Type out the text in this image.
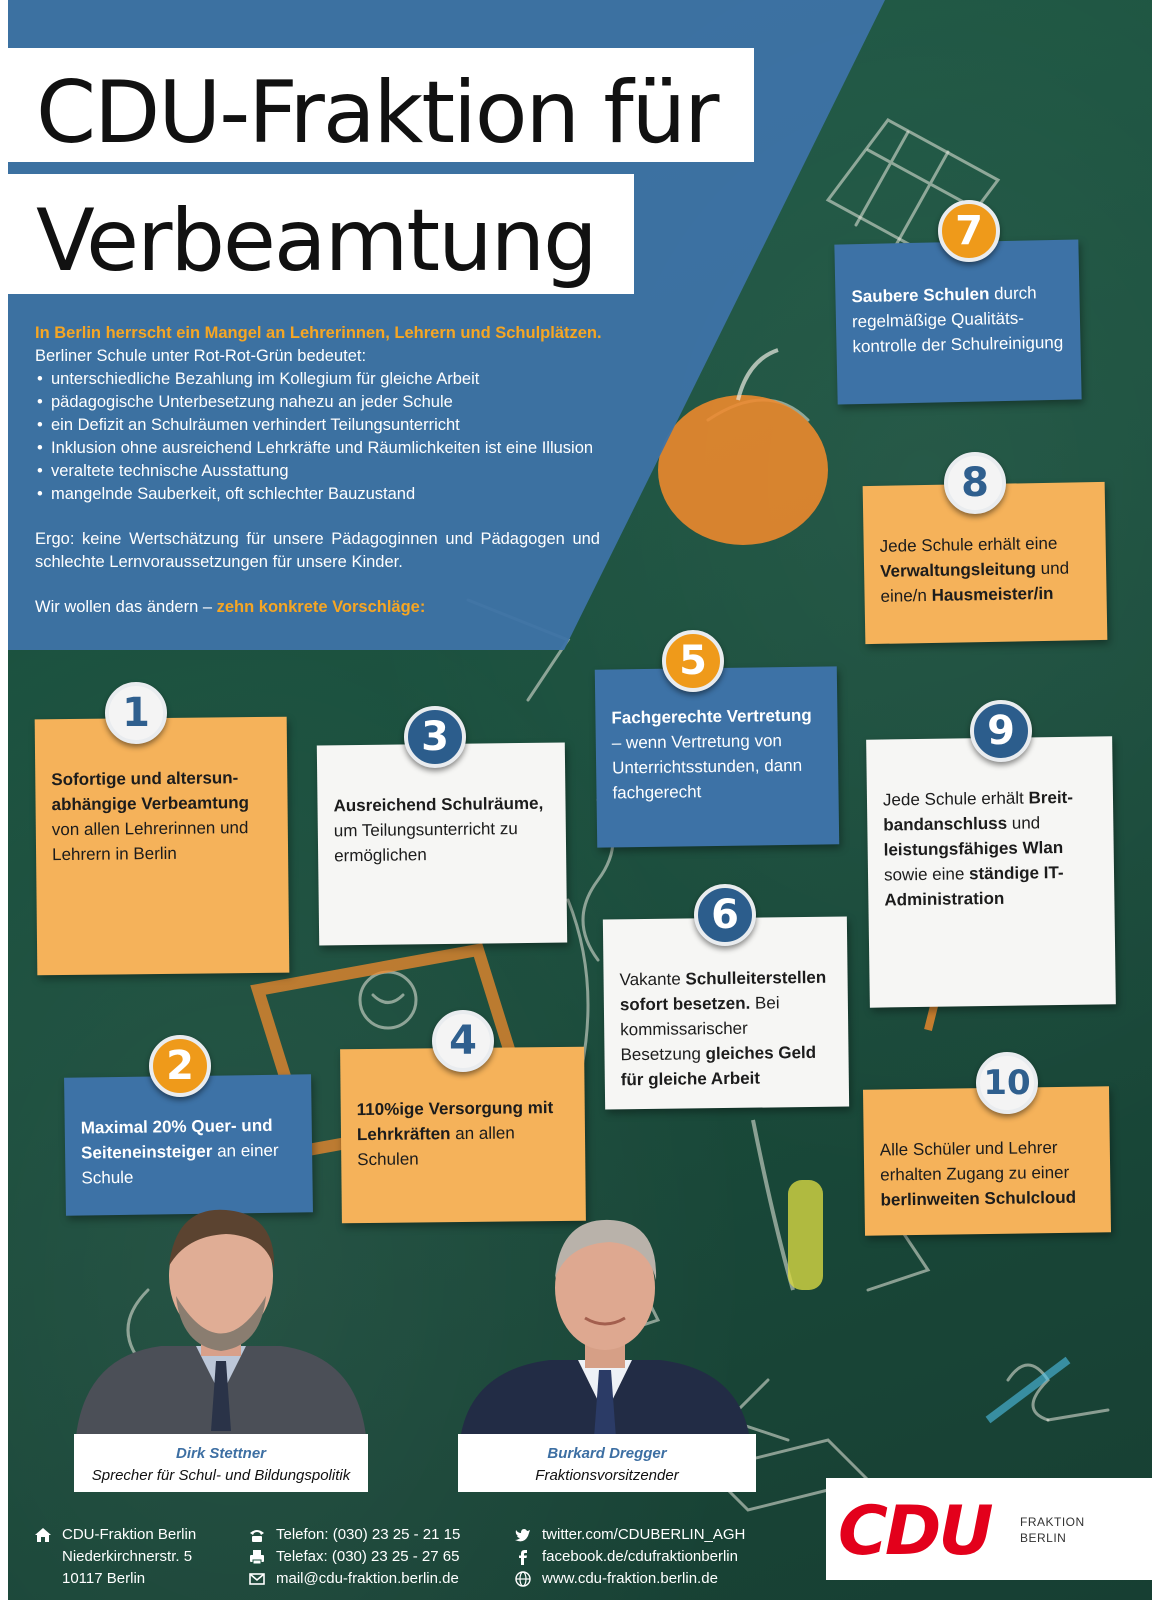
CDU-Fraktion für
Verbeamtung
In Berlin herrscht ein Mangel an Lehrerinnen, Lehrern und Schulplätzen.
Berliner Schule unter Rot-Rot-Grün bedeutet:
• unterschiedliche Bezahlung im Kollegium für gleiche Arbeit
• pädagogische Unterbesetzung nahezu an jeder Schule
• ein Defizit an Schulräumen verhindert Teilungsunterricht
• Inklusion ohne ausreichend Lehrkräfte und Räumlichkeiten ist eine Illusion
• veraltete technische Ausstattung
• mangelnde Sauberkeit, oft schlechter Bauzustand
Ergo: keine Wertschätzung für unsere Pädagoginnen und Pädagogen und schlechte Lernvoraussetzungen für unsere Kinder.
Wir wollen das ändern – zehn konkrete Vorschläge:
Sofortige und altersun-abhängige Verbeamtung von allen Lehrerinnen und Lehrern in Berlin
1
Maximal 20% Quer- und Seiteneinsteiger an einer Schule
2
Ausreichend Schulräume, um Teilungsunterricht zu ermöglichen
3
110%ige Versorgung mit Lehrkräften an allen Schulen
4
Fachgerechte Vertretung – wenn Vertretung von Unterrichtsstunden, dann fachgerecht
5
Vakante Schulleiterstellen sofort besetzen. Bei kommissarischer Besetzung gleiches Geld für gleiche Arbeit
6
Saubere Schulen durch regelmäßige Qualitäts-kontrolle der Schulreinigung
7
Jede Schule erhält eine Verwaltungsleitung und eine/n Hausmeister/in
8
Jede Schule erhält Breit-bandanschluss und leistungsfähiges Wlan sowie eine ständige IT-Administration
9
Alle Schüler und Lehrer erhalten Zugang zu einer berlinweiten Schulcloud
10
Dirk Stettner
Sprecher für Schul- und Bildungspolitik
Burkard Dregger
Fraktionsvorsitzender
CDU-Fraktion Berlin
Niederkirchnerstr. 5
10117 Berlin
Telefon: (030) 23 25 - 21 15
Telefax: (030) 23 25 - 27 65
mail@cdu-fraktion.berlin.de
twitter.com/CDUBERLIN_AGH
facebook.de/cdufraktionberlin
www.cdu-fraktion.berlin.de
CDU FRAKTION
BERLIN
